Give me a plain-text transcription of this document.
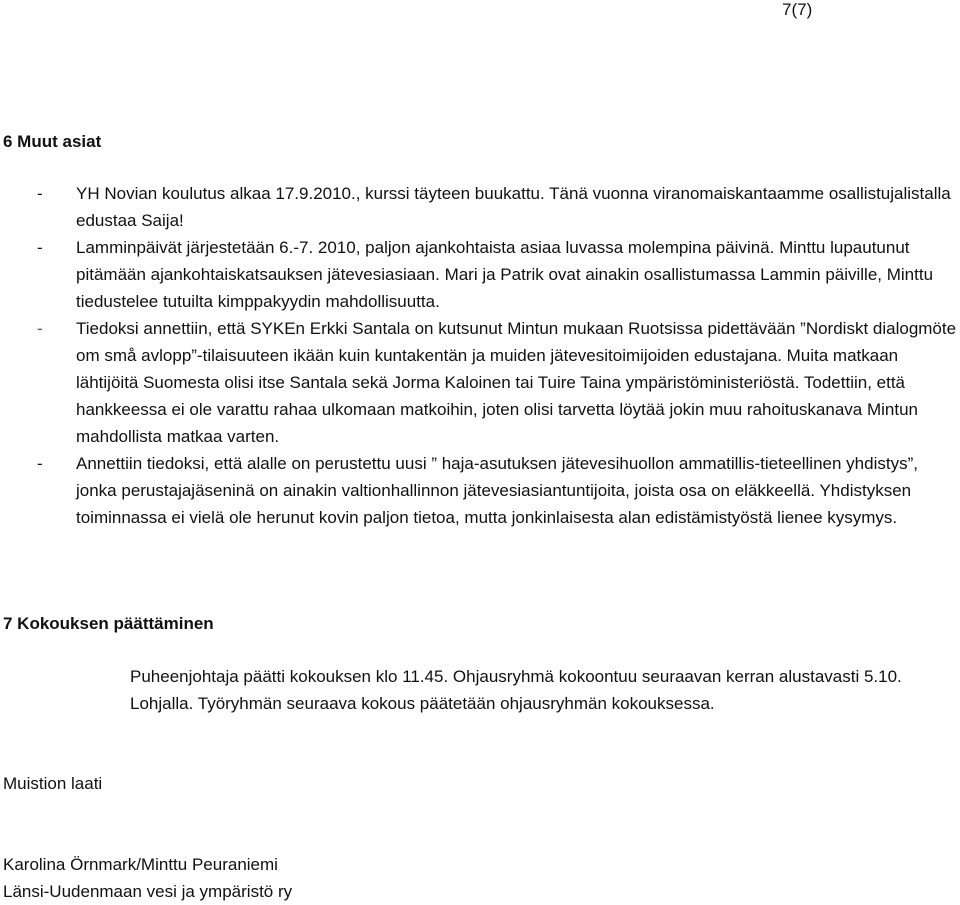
7(7)
6 Muut asiat
- YH Novian koulutus alkaa 17.9.2010., kurssi täyteen buukattu. Tänä vuonna viranomaiskantaamme osallistujalistalla edustaa Saija!
- Lamminpäivät järjestetään 6.-7. 2010, paljon ajankohtaista asiaa luvassa molempina päivinä. Minttu lupautunut pitämään ajankohtaiskatsauksen jätevesiasiaan. Mari ja Patrik ovat ainakin osallistumassa Lammin päiville, Minttu tiedustelee tutuilta kimppakyydin mahdollisuutta.
- Tiedoksi annettiin, että SYKEn Erkki Santala on kutsunut Mintun mukaan Ruotsissa pidettävään ”Nordiskt dialogmöte om små avlopp”-tilaisuuteen ikään kuin kuntakentän ja muiden jätevesitoimijoiden edustajana. Muita matkaan lähtijöitä Suomesta olisi itse Santala sekä Jorma Kaloinen tai Tuire Taina ympäristöministeriöstä. Todettiin, että hankkeessa ei ole varattu rahaa ulkomaan matkoihin, joten olisi tarvetta löytää jokin muu rahoituskanava Mintun mahdollista matkaa varten.
- Annettiin tiedoksi, että alalle on perustettu uusi ” haja-asutuksen jätevesihuollon ammatillis-tieteellinen yhdistys”, jonka perustajajäseninä on ainakin valtionhallinnon jätevesiasiantuntijoita, joista osa on eläkkeellä. Yhdistyksen toiminnassa ei vielä ole herunut kovin paljon tietoa, mutta jonkinlaisesta alan edistämistyöstä lienee kysymys.
7 Kokouksen päättäminen

Puheenjohtaja päätti kokouksen klo 11.45. Ohjausryhmä kokoontuu seuraavan kerran alustavasti 5.10. Lohjalla. Työryhmän seuraava kokous päätetään ohjausryhmän kokouksessa.

Muistion laati

Karolina Örnmark/Minttu Peuraniemi
Länsi-Uudenmaan vesi ja ympäristö ry
